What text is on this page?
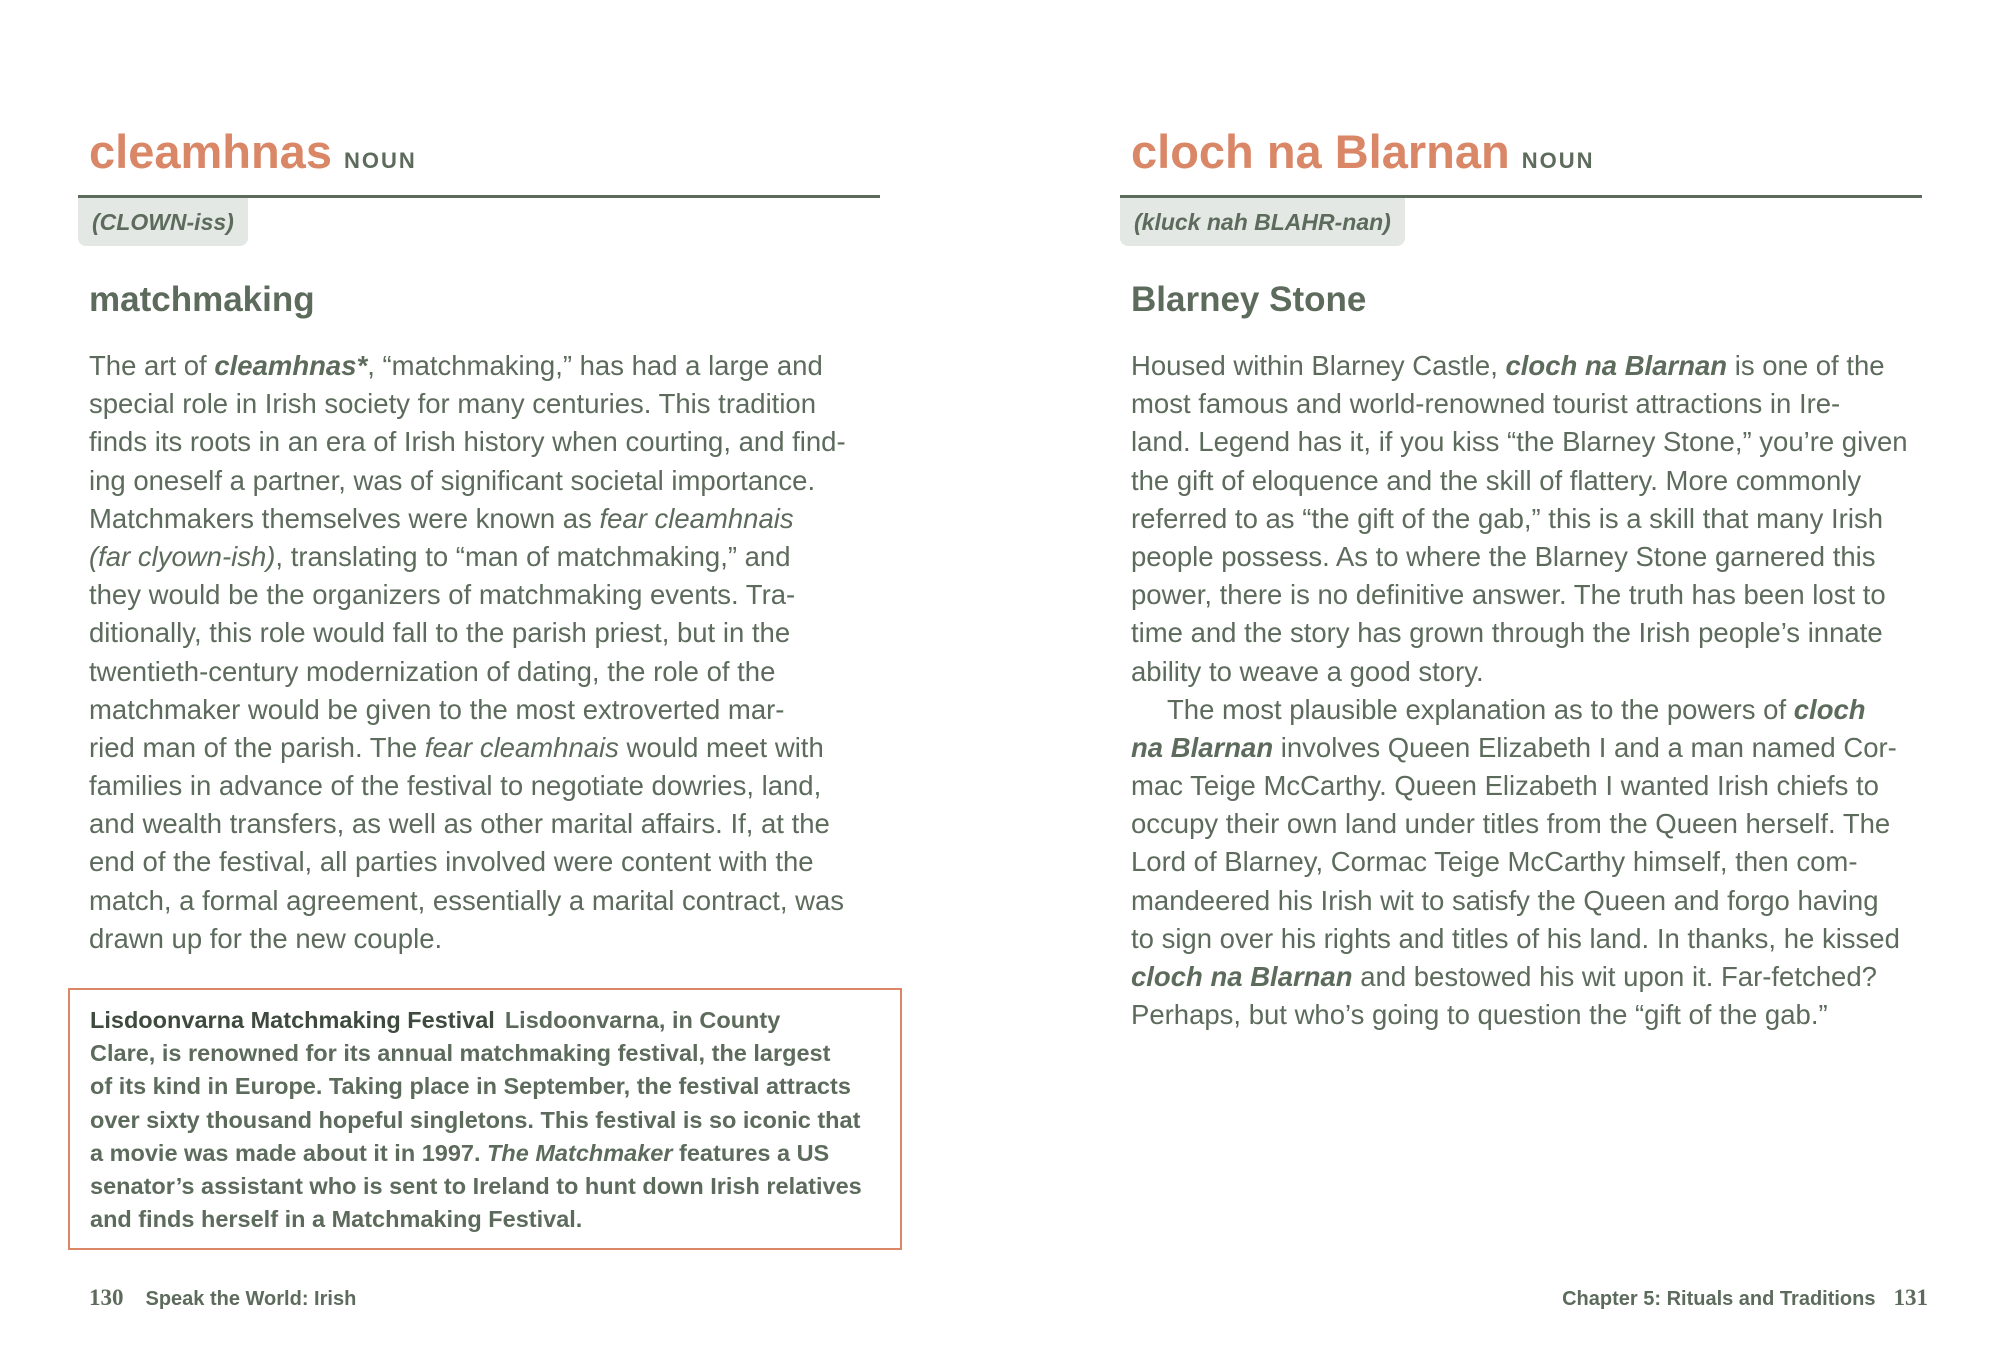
cleamhnas NOUN
(CLOWN-iss)
matchmaking
The art of cleamhnas*, “matchmaking,” has had a large and
special role in Irish society for many centuries. This tradition
finds its roots in an era of Irish history when courting, and find-
ing oneself a partner, was of significant societal importance.
Matchmakers themselves were known as fear cleamhnais
(far clyown-ish), translating to “man of matchmaking,” and
they would be the organizers of matchmaking events. Tra-
ditionally, this role would fall to the parish priest, but in the
twentieth-century modernization of dating, the role of the
matchmaker would be given to the most extroverted mar-
ried man of the parish. The fear cleamhnais would meet with
families in advance of the festival to negotiate dowries, land,
and wealth transfers, as well as other marital affairs. If, at the
end of the festival, all parties involved were content with the
match, a formal agreement, essentially a marital contract, was
drawn up for the new couple.
Lisdoonvarna Matchmaking Festival Lisdoonvarna, in County
Clare, is renowned for its annual matchmaking festival, the largest
of its kind in Europe. Taking place in September, the festival attracts
over sixty thousand hopeful singletons. This festival is so iconic that
a movie was made about it in 1997. The Matchmaker features a US
senator’s assistant who is sent to Ireland to hunt down Irish relatives
and finds herself in a Matchmaking Festival.
130 Speak the World: Irish
cloch na Blarnan NOUN
(kluck nah BLAHR-nan)
Blarney Stone
Housed within Blarney Castle, cloch na Blarnan is one of the
most famous and world-renowned tourist attractions in Ire-
land. Legend has it, if you kiss “the Blarney Stone,” you’re given
the gift of eloquence and the skill of flattery. More commonly
referred to as “the gift of the gab,” this is a skill that many Irish
people possess. As to where the Blarney Stone garnered this
power, there is no definitive answer. The truth has been lost to
time and the story has grown through the Irish people’s innate
ability to weave a good story.
The most plausible explanation as to the powers of cloch
na Blarnan involves Queen Elizabeth I and a man named Cor-
mac Teige McCarthy. Queen Elizabeth I wanted Irish chiefs to
occupy their own land under titles from the Queen herself. The
Lord of Blarney, Cormac Teige McCarthy himself, then com-
mandeered his Irish wit to satisfy the Queen and forgo having
to sign over his rights and titles of his land. In thanks, he kissed
cloch na Blarnan and bestowed his wit upon it. Far-fetched?
Perhaps, but who’s going to question the “gift of the gab.”
Chapter 5: Rituals and Traditions 131
